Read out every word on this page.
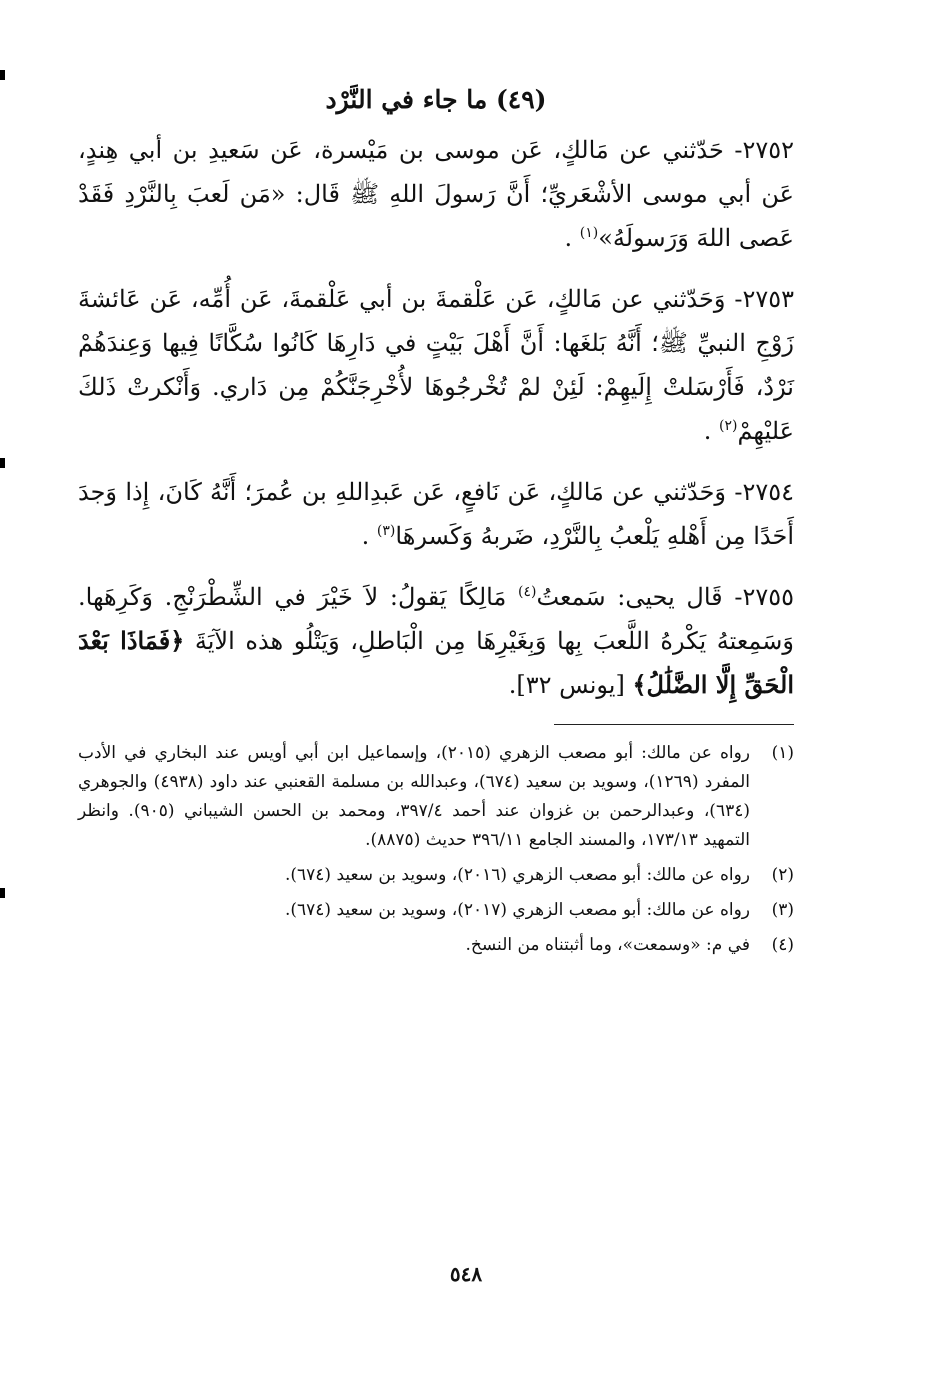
(٤٩) ما جاء في النَّرْد
٢٧٥٢- حَدّثني عن مَالكٍ، عَن موسى بن مَيْسرة، عَن سَعيدِ بن أبي هِندٍ، عَن أبي موسى الأشْعَريِّ؛ أَنَّ رَسولَ اللهِ ﷺ قَال: «مَن لَعبَ بِالنَّرْدِ فَقَدْ عَصى اللهَ وَرَسولَهُ»$^{(١)}$ .
٢٧٥٣- وَحَدّثني عن مَالكٍ، عَن عَلْقمةَ بن أبي عَلْقمةَ، عَن أُمِّه، عَن عَائشةَ زَوْجِ النبيِّ ﷺ؛ أَنَّهُ بَلغَها: أَنَّ أَهْلَ بَيْتٍ في دَارِهَا كَانُوا سُكَّانًا فِيها وَعِندَهُمْ نَرْدٌ، فَأَرْسَلتْ إِلَيهِمْ: لَئِنْ لمْ تُخْرجُوهَا لأُخْرِجَنَّكُمْ مِن دَاري. وَأَنْكرتْ ذَلكَ عَليْهِمْ$^{(٢)}$ .
٢٧٥٤- وَحَدّثني عن مَالكٍ، عَن نَافعٍ، عَن عَبدِاللهِ بن عُمرَ؛ أَنَّهُ كَانَ، إِذا وَجدَ أَحَدًا مِن أَهْلهِ يَلْعبُ بِالنَّرْدِ، ضَربهُ وَكَسرهَا$^{(٣)}$ .
٢٧٥٥- قَال يحيى: سَمعتُ$^{(٤)}$ مَالِكًا يَقولُ: لاَ خَيْرَ في الشِّطْرَنْجِ. وَكَرِهَها. وَسَمِعتهُ يَكْرهُ اللَّعبَ بِها وَبِغَيْرِهَا مِن الْبَاطلِ، وَيَتْلُو هذه الآيَةَ ﴿فَمَاذَا بَعْدَ الْحَقِّ إِلَّا الضَّلَٰلُ﴾ [يونس ٣٢].
(١)
رواه عن مالك: أبو مصعب الزهري (٢٠١٥)، وإسماعيل ابن أبي أويس عند البخاري في الأدب المفرد (١٢٦٩)، وسويد بن سعيد (٦٧٤)، وعبدالله بن مسلمة القعنبي عند داود (٤٩٣٨) والجوهري (٦٣٤)، وعبدالرحمن بن غزوان عند أحمد ٣٩٧/٤، ومحمد بن الحسن الشيباني (٩٠٥). وانظر التمهيد ١٧٣/١٣، والمسند الجامع ٣٩٦/١١ حديث (٨٨٧٥).
(٢)
رواه عن مالك: أبو مصعب الزهري (٢٠١٦)، وسويد بن سعيد (٦٧٤).
(٣)
رواه عن مالك: أبو مصعب الزهري (٢٠١٧)، وسويد بن سعيد (٦٧٤).
(٤)
في م: «وسمعت»، وما أثبتناه من النسخ.
٥٤٨
